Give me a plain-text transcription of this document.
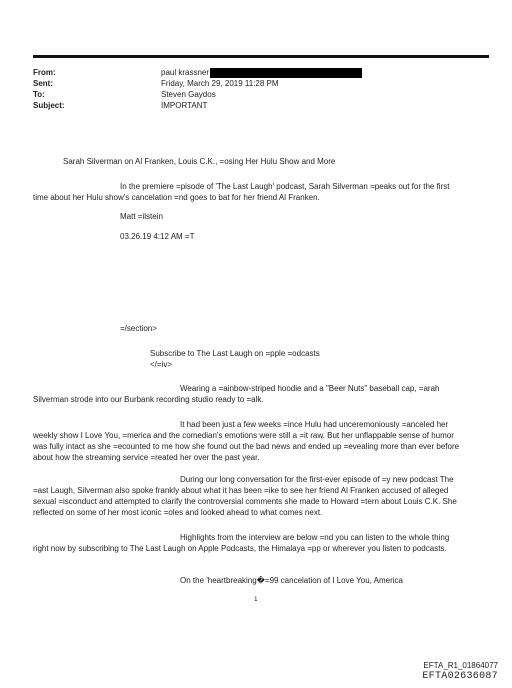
From:
Sent:
To:
Subject:
paul krassner
Friday, March 29, 2019 11:28 PM
Steven Gaydos
IMPORTANT
Sarah Silverman on Al Franken, Louis C.K., =osing Her Hulu Show and More
In the premiere =pisode of 'The Last Laugh' podcast, Sarah Silverman =peaks out for the first
time about her Hulu show's cancelation =nd goes to bat for her friend Al Franken.
Matt =ilstein
03.26.19 4:12 AM =T
=/section>
Subscribe to The Last Laugh on =pple =odcasts
</=iv>
Wearing a =ainbow-striped hoodie and a "Beer Nuts" baseball cap, =arah
Silverman strode into our Burbank recording studio ready to =alk.
It had been just a few weeks =ince Hulu had unceremoniously =anceled her
weekly show I Love You, =merica and the comedian's emotions were still a =it raw. But her unflappable sense of humor
was fully intact as she =ecounted to me how she found out the bad news and ended up =evealing more than ever before
about how the streaming service =reated her over the past year.
During our long conversation for the first-ever episode of =y new podcast The
=ast Laugh, Silverman also spoke frankly about what it has been =ike to see her friend Al Franken accused of alleged
sexual =isconduct and attempted to clarify the controversial comments she made to Howard =tern about Louis C.K. She
reflected on some of her most iconic =oles and looked ahead to what comes next.
Highlights from the interview are below =nd you can listen to the whole thing
right now by subscribing to The Last Laugh on Apple Podcasts, the Himalaya =pp or wherever you listen to podcasts.
On the 'heartbreaking�=99 cancelation of I Love You, America
1
EFTA_R1_01864077
EFTA02636087
